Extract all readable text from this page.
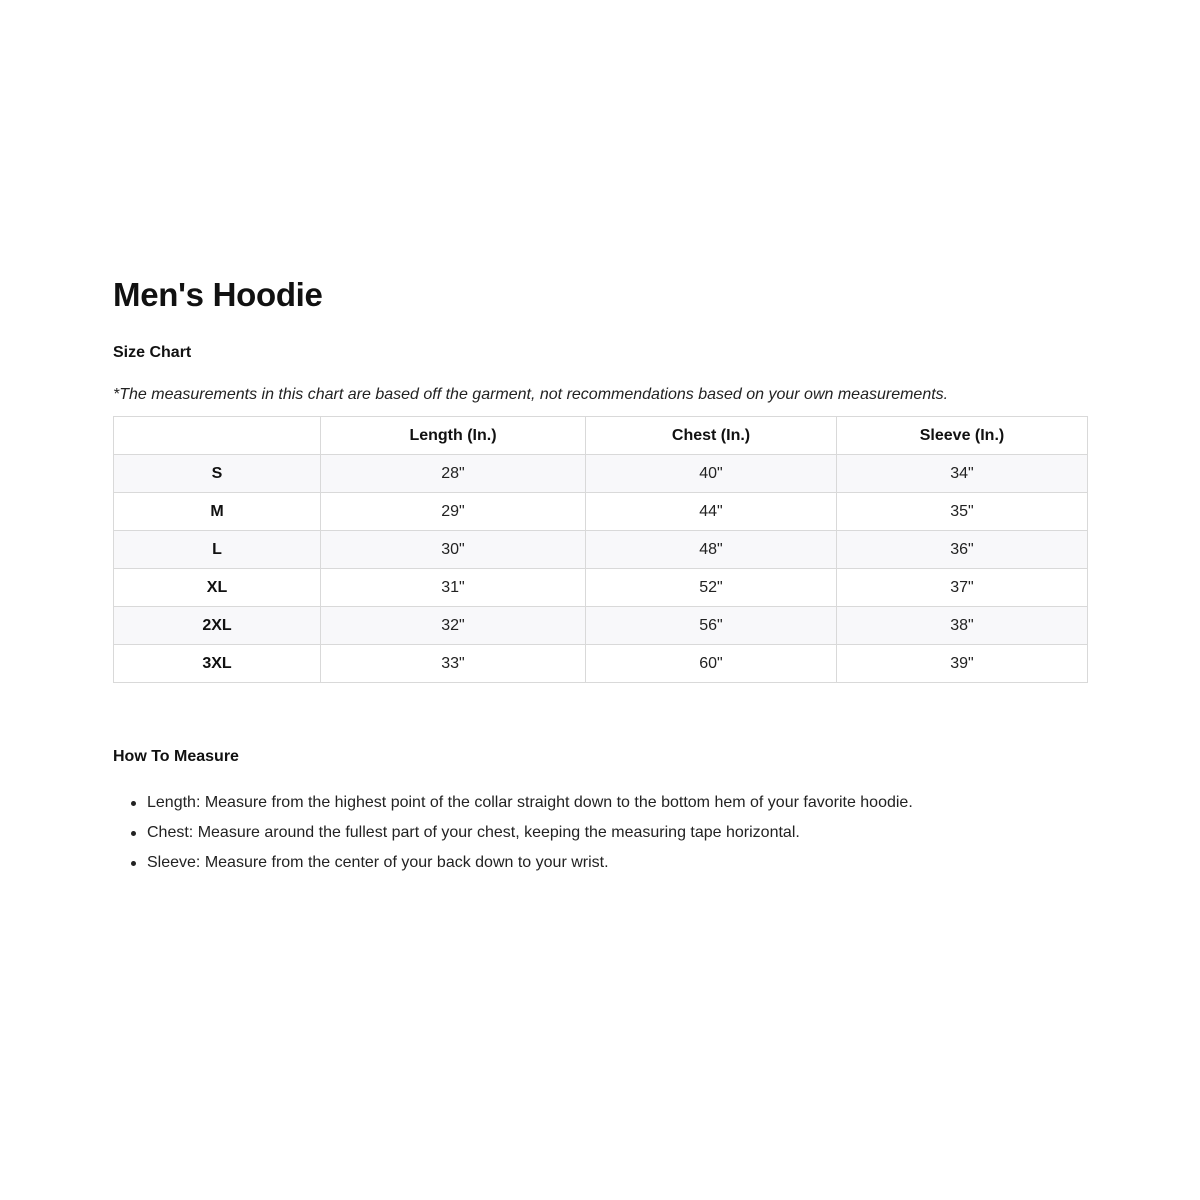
Men's Hoodie
Size Chart

*The measurements in this chart are based off the garment, not recommendations based on your own measurements.

	Length (In.)	Chest (In.)	Sleeve (In.)
S	28"	40"	34"
M	29"	44"	35"
L	30"	48"	36"
XL	31"	52"	37"
2XL	32"	56"	38"
3XL	33"	60"	39"
How To Measure
Length: Measure from the highest point of the collar straight down to the bottom hem of your favorite hoodie.
Chest: Measure around the fullest part of your chest, keeping the measuring tape horizontal.
Sleeve: Measure from the center of your back down to your wrist.
